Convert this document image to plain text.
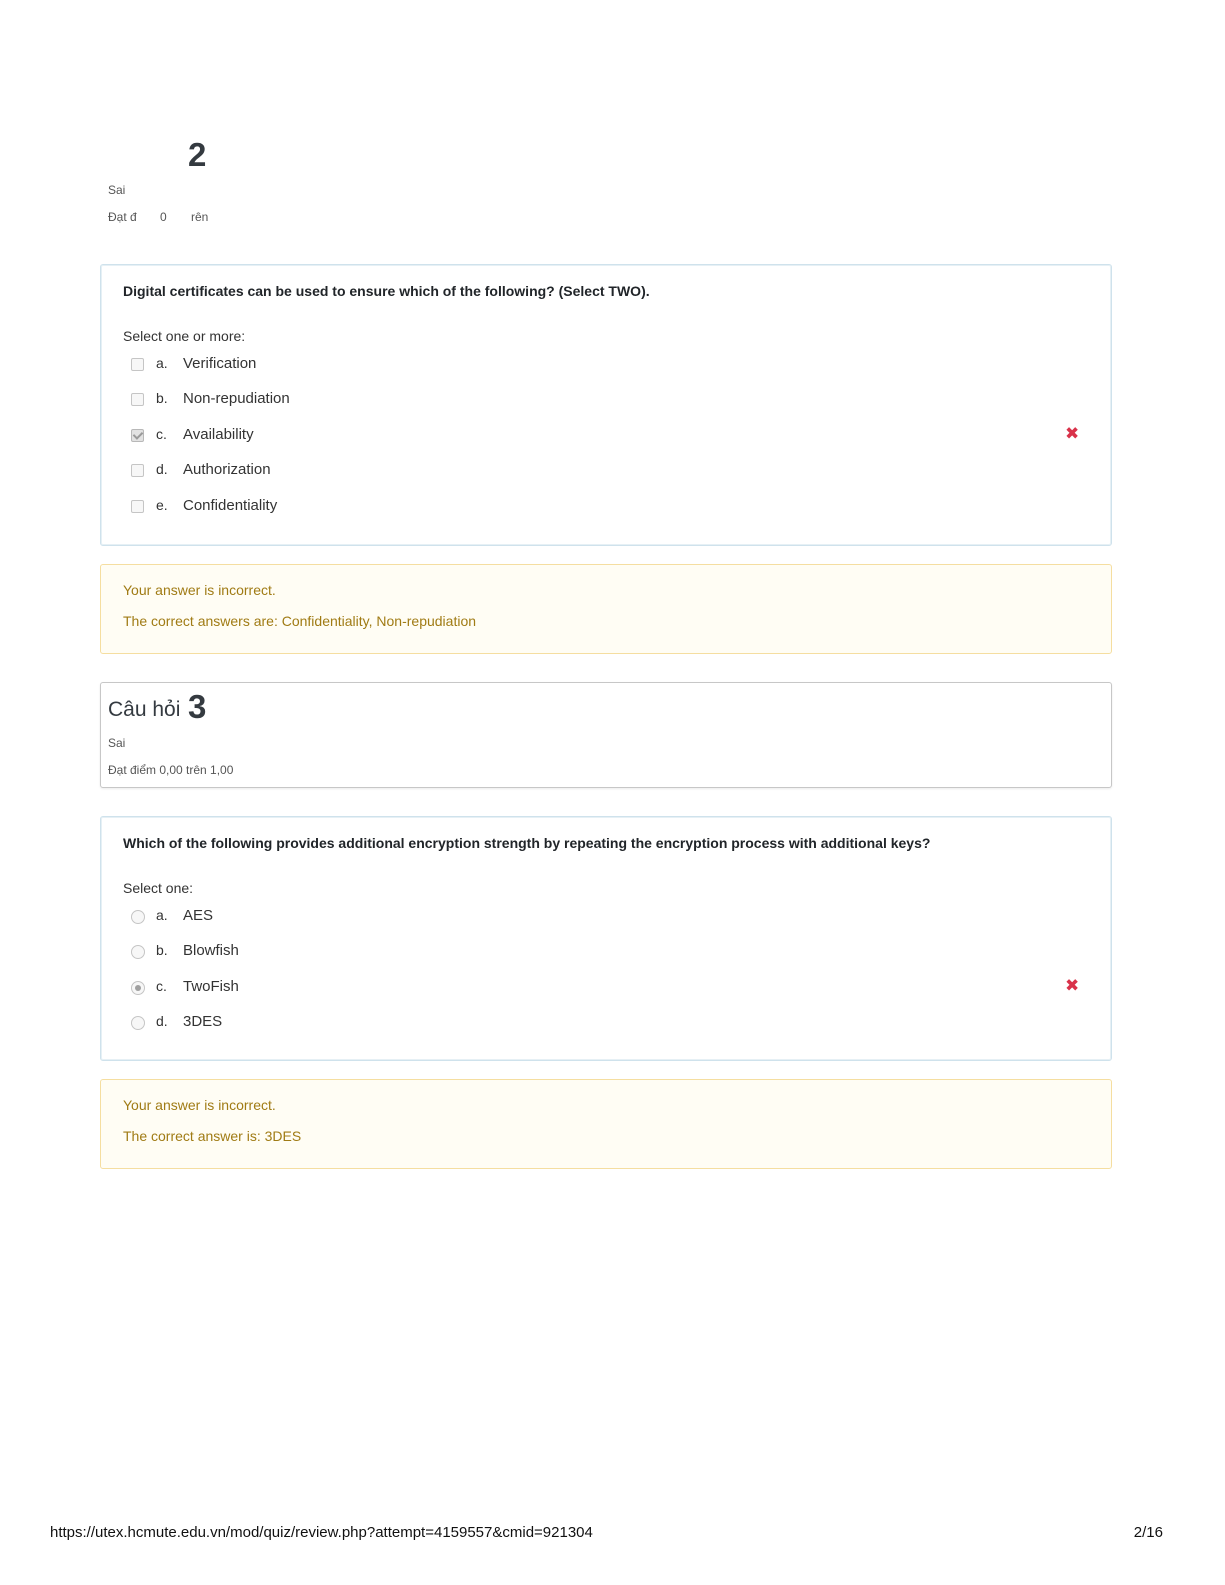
2
Sai
Đạt đ 0 rên
Digital certificates can be used to ensure which of the following? (Select TWO).
Select one or more:
a. Verification
b. Non-repudiation
c. Availability	✖
d. Authorization
e. Confidentiality
Your answer is incorrect.
The correct answers are: Confidentiality, Non-repudiation
Câu hỏi 3
Sai
Đạt điểm 0,00 trên 1,00
Which of the following provides additional encryption strength by repeating the encryption process with additional keys?
Select one:
a. AES
b. Blowfish
c. TwoFish	✖
d. 3DES
Your answer is incorrect.
The correct answer is: 3DES
https://utex.hcmute.edu.vn/mod/quiz/review.php?attempt=4159557&cmid=921304	2/16
